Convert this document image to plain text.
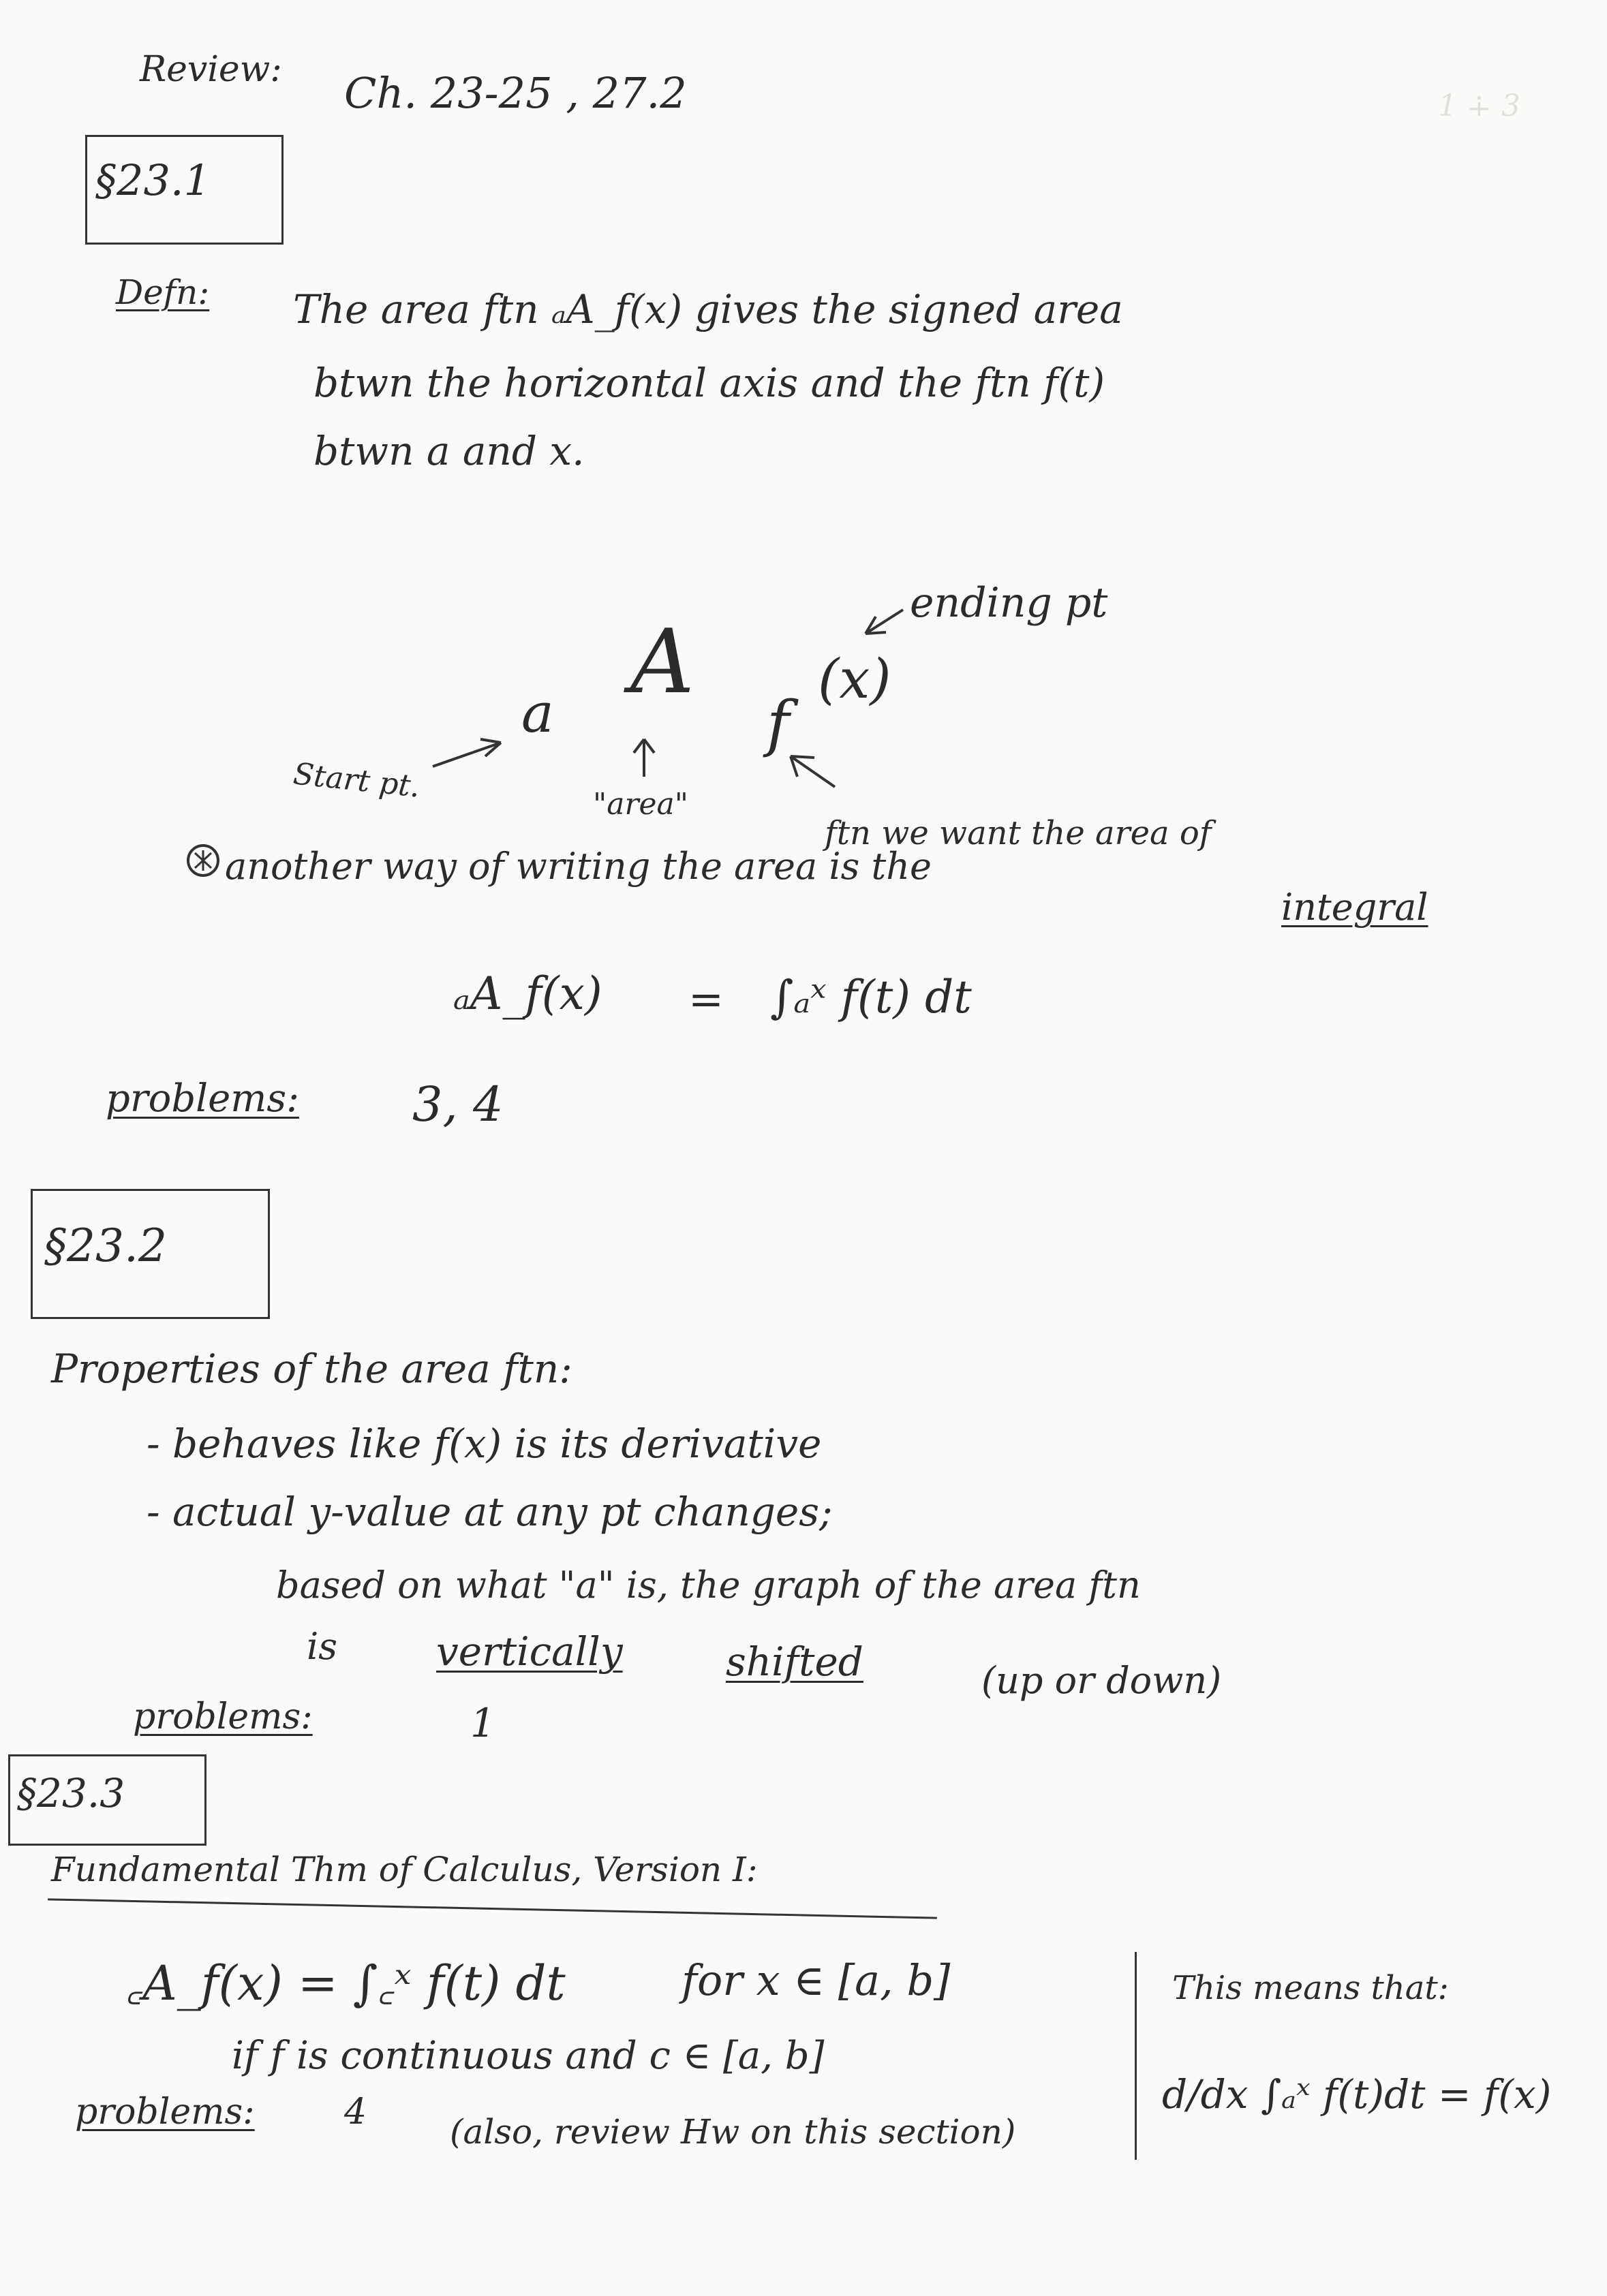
1 ∔ 3

Review: Ch. 23-25 , 27.2
§23.1
Defn: The area ftn ₐA_f(x) gives the signed area
btwn the horizontal axis and the ftn f(t)
btwn a and x.
ending pt
(x)
a A
f
Start pt.	"area"
ftn we want the area of
another way of writing the area is the
integral
ₐA_f(x) = ∫ₐˣ f(t) dt
problems: 3, 4
§23.2
Properties of the area ftn:
- behaves like f(x) is its derivative
- actual y-value at any pt changes;
based on what "a" is, the graph of the area ftn
is	vertically	shifted	(up or down)
problems:	1
§23.3
Fundamental Thm of Calculus, Version I:
꜀A_f(x) = ∫꜀ˣ f(t) dt	for x ∈ [a, b]
if f is continuous and c ∈ [a, b]
problems:	4 (also, review Hw on this section)
This means that:
d/dx ∫ₐˣ f(t)dt = f(x)
